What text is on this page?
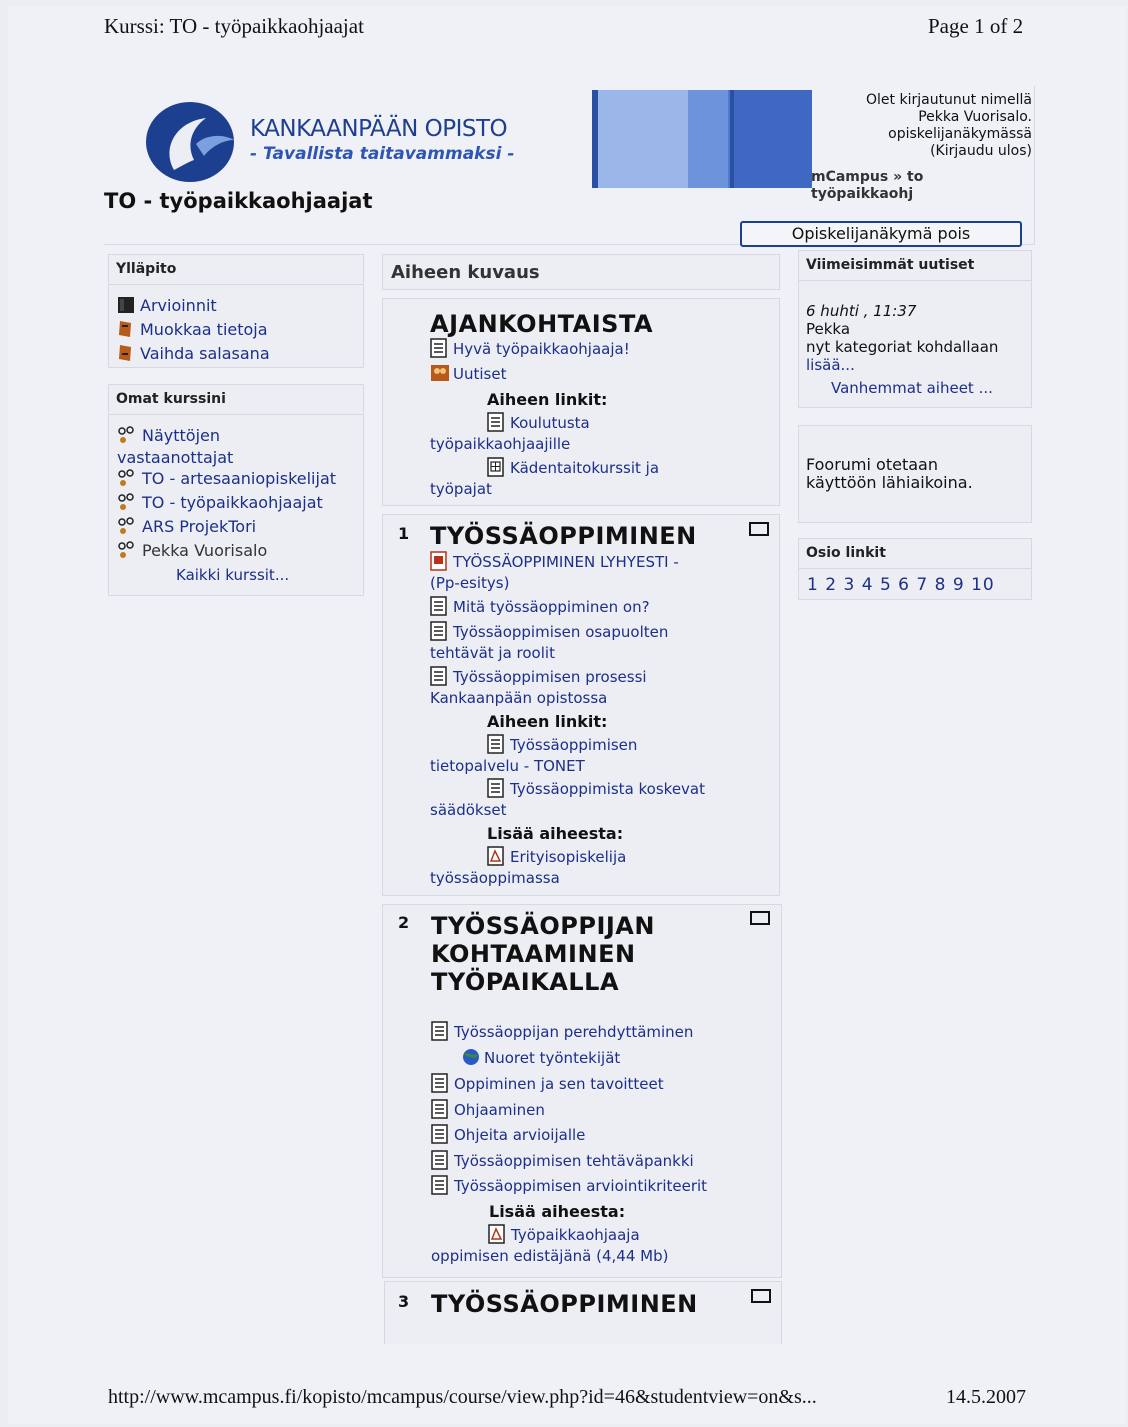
Kurssi: TO - työpaikkaohjaajat	Page 1 of 2
KANKAANPÄÄN OPISTO
- Tavallista taitavammaksi -
TO - työpaikkaohjaajat
Olet kirjautunut nimellä
Pekka Vuorisalo.
opiskelijanäkymässä
(Kirjaudu ulos)
mCampus » to
työpaikkaohj
Opiskelijanäkymä pois
Ylläpito
Arvioinnit
Muokkaa tietoja
Vaihda salasana
Omat kurssini
Näyttöjen
vastaanottajat
TO - artesaaniopiskelijat
TO - työpaikkaohjaajat
ARS ProjekTori
Pekka Vuorisalo
Kaikki kurssit...
Aiheen kuvaus
AJANKOHTAISTA
Hyvä työpaikkaohjaaja!
Uutiset
Aiheen linkit:
Koulutusta
työpaikkaohjaajille
Kädentaitokurssit ja
työpajat
1 TYÖSSÄOPPIMINEN
TYÖSSÄOPPIMINEN LYHYESTI -
(Pp-esitys)
Mitä työssäoppiminen on?
Työssäoppimisen osapuolten
tehtävät ja roolit
Työssäoppimisen prosessi
Kankaanpään opistossa
Aiheen linkit:
Työssäoppimisen
tietopalvelu - TONET
Työssäoppimista koskevat
säädökset
Lisää aiheesta:
Erityisopiskelija
työssäoppimassa
2 TYÖSSÄOPPIJAN
KOHTAAMINEN
TYÖPAIKALLA
Työssäoppijan perehdyttäminen
Nuoret työntekijät
Oppiminen ja sen tavoitteet
Ohjaaminen
Ohjeita arvioijalle
Työssäoppimisen tehtäväpankki
Työssäoppimisen arviointikriteerit
Lisää aiheesta:
Työpaikkaohjaaja
oppimisen edistäjänä (4,44 Mb)
3 TYÖSSÄOPPIMINEN
Viimeisimmät uutiset
6 huhti , 11:37
Pekka
nyt kategoriat kohdallaan
lisää...
Vanhemmat aiheet ...
Foorumi otetaan
käyttöön lähiaikoina.
Osio linkit
1 2 3 4 5 6 7 8 9 10
http://www.mcampus.fi/kopisto/mcampus/course/view.php?id=46&studentview=on&s...	14.5.2007
